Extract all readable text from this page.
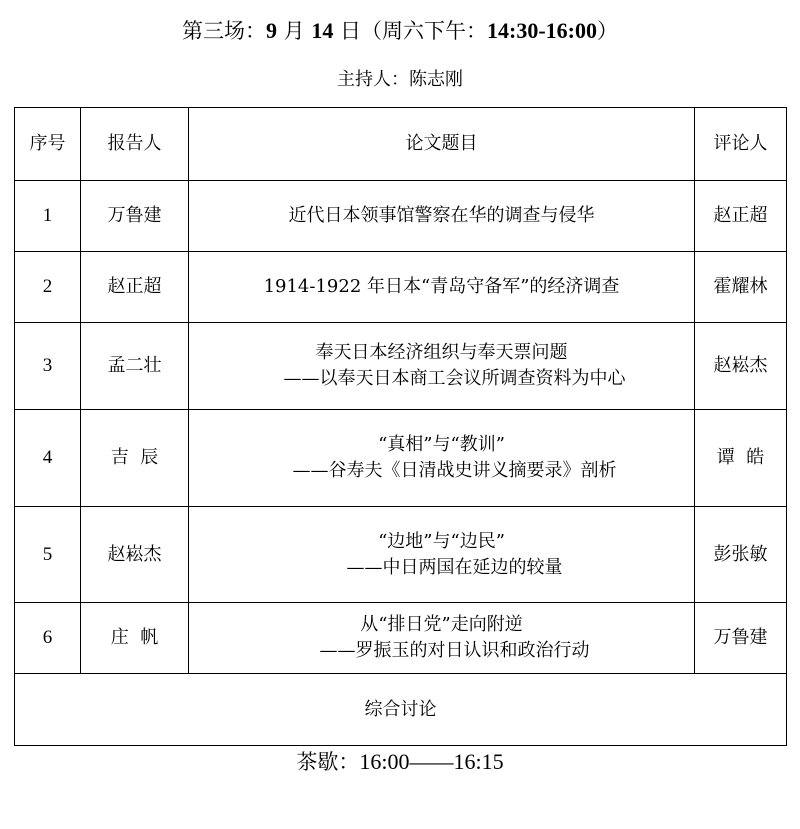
第三场：9 月 14 日（周六下午：14:30-16:00）
主持人：陈志刚
序号	报告人	论文题目	评论人
1	万鲁建	近代日本领事馆警察在华的调查与侵华	赵正超
2	赵正超	1914-1922 年日本“青岛守备军”的经济调查	霍耀林
3	孟二壮	奉天日本经济组织与奉天票问题
——以奉天日本商工会议所调查资料为中心	赵崧杰
4	吉  辰	“真相”与“教训”
——谷寿夫《日清战史讲义摘要录》剖析	谭  皓
5	赵崧杰	“边地”与“边民”
——中日两国在延边的较量	彭张敏
6	庄  帆	从“排日党”走向附逆
——罗振玉的对日认识和政治行动	万鲁建
综合讨论			
茶歇：16:00——16:15
